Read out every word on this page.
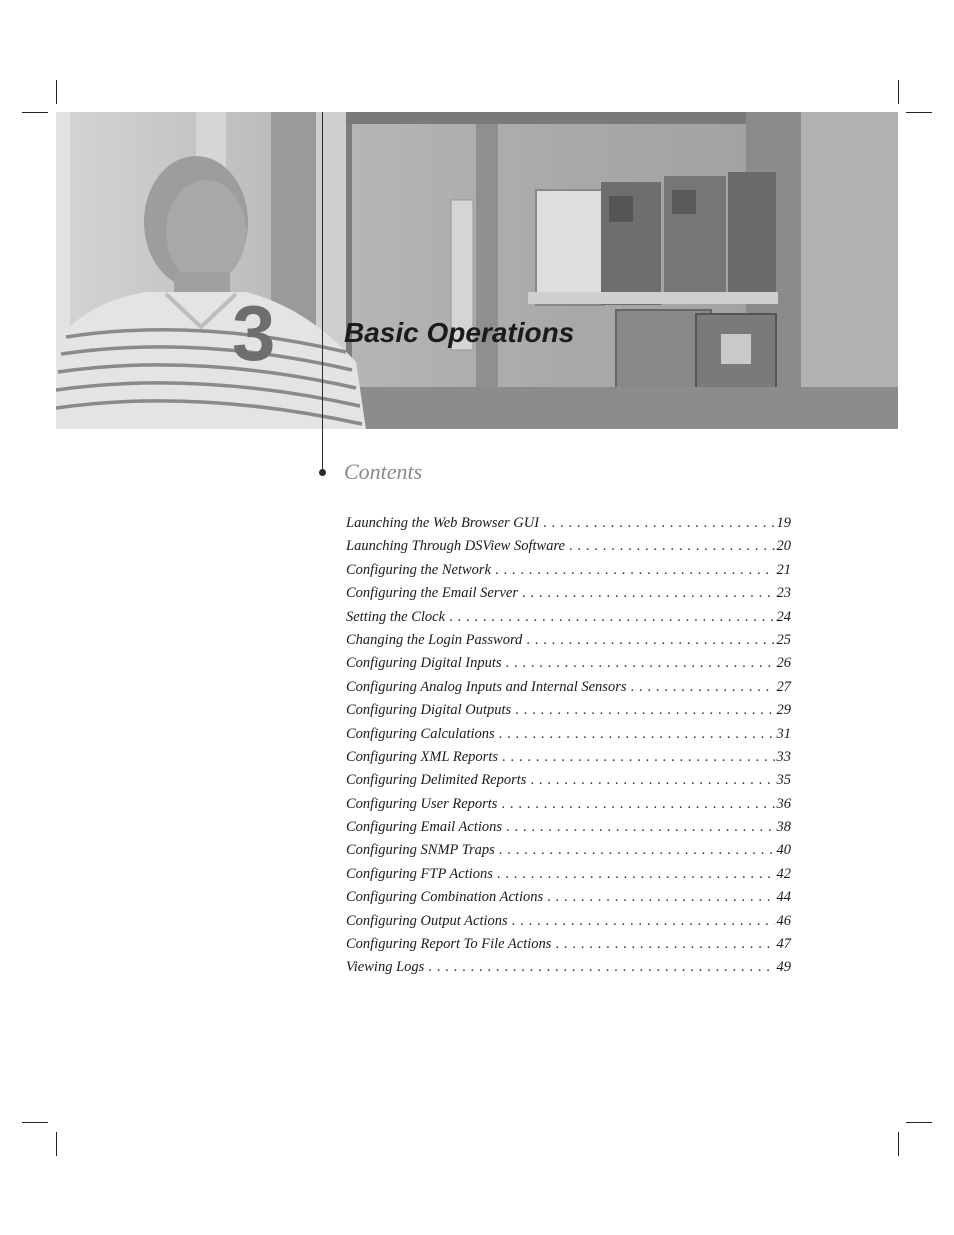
3 Basic Operations
Contents
Launching the Web Browser GUI . . .	19
Launching Through DSView Software . . .	20
Configuring the Network . . .	21
Configuring the Email Server . . .	23
Setting the Clock . . .	24
Changing the Login Password . . .	25
Configuring Digital Inputs . . .	26
Configuring Analog Inputs and Internal Sensors . . .	27
Configuring Digital Outputs . . .	29
Configuring Calculations . . .	31
Configuring XML Reports . . .	33
Configuring Delimited Reports . . .	35
Configuring User Reports . . .	36
Configuring Email Actions . . .	38
Configuring SNMP Traps . . .	40
Configuring FTP Actions . . .	42
Configuring Combination Actions . . .	44
Configuring Output Actions . . .	46
Configuring Report To File Actions . . .	47
Viewing Logs . . .	49
